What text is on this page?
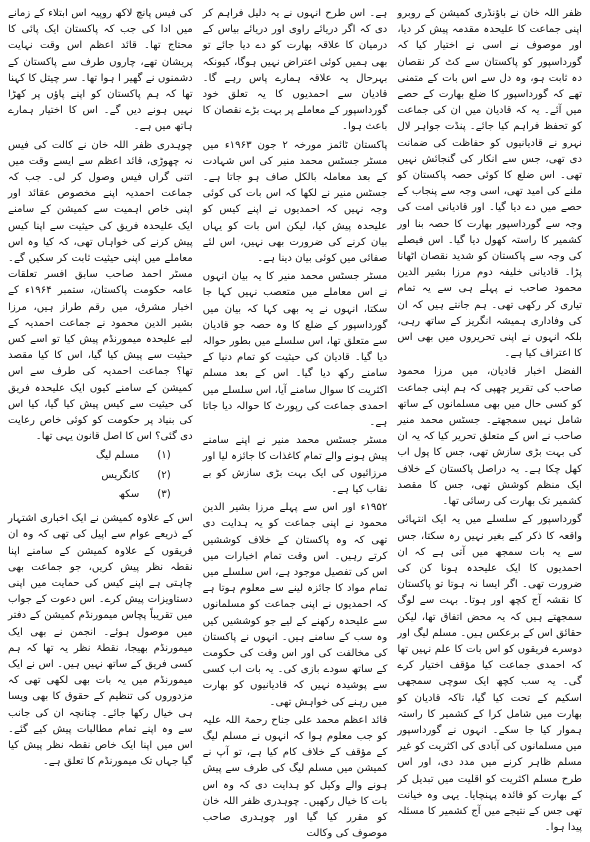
کی فیس پانچ لاکھ روپیہ اس ابتلاء کے زمانے میں ادا کی جب کہ پاکستان ایک پائی کا محتاج تھا۔ قائد اعظم اس وقت نہایت پریشان تھے، چاروں طرف سے پاکستان کے دشمنوں نے گھیر ا ہوا تھا۔ سر چیتل کا کہنا تھا کہ ہم پاکستان کو اپنے پاؤں پر کھڑا نہیں ہونے دیں گے۔ اس کا اختیار ہمارے ہاتھ میں ہے۔

چوہدری ظفر اللہ خان نے کالت کی فیس نہ چھوڑی، قائد اعظم سے ایسے وقت میں اتنی گراں فیس وصول کر لی۔ جب کہ جماعت احمدیہ اپنے مخصوص عقائد اور اپنی خاص اہمیت سے کمیشن کے سامنے ایک علیحدہ فریق کی حیثیت سے اپنا کیس پیش کرنے کی خواہاں تھی، کہ کیا وہ اس معاملے میں اپنی حیثیت ثابت کر سکیں گے۔ مسٹر احمد صاحب سابق افسر تعلقات عامہ حکومت پاکستان، ستمبر ۱۹۶۴ء کے اخبار مشرق، میں رقم طراز ہیں، مرزا بشیر الدین محمود نے جماعت احمدیہ کے لیے علیحدہ میمورنڈم پیش کیا تو اسے کس حیثیت سے پیش کیا گیا، اس کا کیا مقصد تھا؟ جماعت احمدیہ کی طرف سے اس کمیشن کے سامنے کیوں ایک علیحدہ فریق کی حیثیت سے کیس پیش کیا گیا، کیا اس کی بنیاد پر حکومت کو کوئی خاص رعایت دی گئی؟ اس کا اصل قانون یہی تھا۔

(۱)
مسلم لیگ
(۲)
کانگریس
(۳)
سکھ

اس کے علاوہ کمیشن نے ایک اخباری اشتہار کے ذریعے عوام سے اپیل کی تھی کہ وہ ان فریقوں کے علاوہ کمیشن کے سامنے اپنا نقطہ نظر پیش کریں، جو جماعت بھی چاہتی ہے اپنے کیس کی حمایت میں اپنی دستاویزات پیش کرے۔ اس دعوت کے جواب میں تقریباً پچاس میمورنڈم کمیشن کے دفتر میں موصول ہوئے۔ انجمن نے بھی ایک میمورنڈم بھیجا، نقطۂ نظر یہ تھا کہ ہم کسی فریق کے ساتھ نہیں ہیں۔ اس نے ایک میمورنڈم میں یہ بات بھی لکھی تھی کہ مزدوروں کی تنظیم کے حقوق کا بھی ویسا ہی خیال رکھا جائے۔ چنانچہ ان کی جانب سے وہ اپنے تمام مطالبات پیش کیے گئے۔ اس میں اپنا ایک خاص نقطہ نظر پیش کیا گیا جہاں تک میمورنڈم کا تعلق ہے۔

ہے۔ اس طرح انہوں نے یہ دلیل فراہم کر دی کہ اگر دریائے راوی اور دریائے بیاس کے درمیان کا علاقہ بھارت کو دے دیا جائے تو بھی ہمیں کوئی اعتراض نہیں ہوگا، کیونکہ بہرحال یہ علاقہ ہمارے پاس رہے گا۔ قادیان سے احمدیوں کا یہ تعلق خود گورداسپور کے معاملے پر بہت بڑے نقصان کا باعث ہوا۔

پاکستان ٹائمز مورخہ ۲ جون ۱۹۶۳ء میں مسٹر جسٹس محمد منیر کی اس شہادت کے بعد معاملہ بالکل صاف ہو جاتا ہے۔ جسٹس منیر نے لکھا کہ اس بات کی کوئی وجہ نہیں کہ احمدیوں نے اپنے کیس کو علیحدہ پیش کیا، لیکن اس بات کو یہاں بیان کرنے کی ضرورت بھی نہیں، اس لئے صفائی میں کوئی بیان دینا ہے۔

مسٹر جسٹس محمد منیر کا یہ بیان انہوں نے اس معاملے میں متعصب نہیں کہا جا سکتا، انہوں نے یہ بھی کہا کہ بیان میں گورداسپور کے ضلع کا وہ حصہ جو قادیان سے متعلق تھا، اس سلسلے میں بطور حوالہ دیا گیا۔ قادیان کی حیثیت کو تمام دنیا کے سامنے رکھ دیا گیا۔ اس کے بعد مسلم اکثریت کا سوال سامنے آیا، اس سلسلے میں احمدی جماعت کی رپورٹ کا حوالہ دیا جاتا ہے۔

مسٹر جسٹس محمد منیر نے اپنے سامنے پیش ہونے والے تمام کاغذات کا جائزہ لیا اور مرزائیوں کی ایک بہت بڑی سازش کو بے نقاب کیا ہے۔

۱۹۵۲ء اور اس سے پہلے مرزا بشیر الدین محمود نے اپنی جماعت کو یہ ہدایت دی تھی کہ وہ پاکستان کے خلاف کوششیں کرتے رہیں۔ اس وقت تمام اخبارات میں اس کی تفصیل موجود ہے، اس سلسلے میں تمام مواد کا جائزہ لینے سے معلوم ہوتا ہے کہ احمدیوں نے اپنی جماعت کو مسلمانوں سے علیحدہ رکھنے کے لیے جو کوششیں کیں وہ سب کے سامنے ہیں۔ انہوں نے پاکستان کی مخالفت کی اور اس وقت کی حکومت کے ساتھ سودے بازی کی۔ یہ بات اب کسی سے پوشیدہ نہیں کہ قادیانیوں کو بھارت میں رہنے کی خواہش تھی۔

قائد اعظم محمد علی جناح رحمۃ اللہ علیہ کو جب معلوم ہوا کہ انہوں نے مسلم لیگ کے مؤقف کے خلاف کام کیا ہے، تو آپ نے کمیشن میں مسلم لیگ کی طرف سے پیش ہونے والے وکیل کو ہدایت دی کہ وہ اس بات کا خیال رکھیں۔ چوہدری ظفر اللہ خان کو مقرر کیا گیا اور چوہدری صاحب موصوف کی وکالت

ظفر اللہ خان نے باؤنڈری کمیشن کے روبرو اپنی جماعت کا علیحدہ مقدمہ پیش کر دیا، اور موصوف نے اسی نے اختیار کیا کہ گورداسپور کو پاکستان سے کٹ کر نقصان دہ ثابت ہو، وہ دل سے اس بات کے متمنی تھے کہ گورداسپور کا ضلع بھارت کے حصے میں آئے۔ یہ کہ قادیان میں ان کی جماعت کو تحفظ فراہم کیا جائے۔ پنڈت جواہر لال نہرو نے قادیانیوں کو حفاظت کی ضمانت دی تھی، جس سے انکار کی گنجائش نہیں تھی۔ اس ضلع کا کوئی حصہ پاکستان کو ملنے کی امید تھی، اسی وجہ سے پنجاب کے حصے میں دے دیا گیا۔ اور قادیانی امت کی وجہ سے گورداسپور بھارت کا حصہ بنا اور کشمیر کا راستہ کھول دیا گیا۔ اس فیصلے کی وجہ سے پاکستان کو شدید نقصان اٹھانا پڑا۔ قادیانی خلیفہ دوم مرزا بشیر الدین محمود صاحب نے پہلے ہی سے یہ تمام تیاری کر رکھی تھی۔ ہم جانتے ہیں کہ ان کی وفاداری ہمیشہ انگریز کے ساتھ رہی، بلکہ انہوں نے اپنی تحریروں میں بھی اس کا اعتراف کیا ہے۔

الفضل اخبار قادیان، میں مرزا محمود صاحب کی تقریر چھپی کہ ہم اپنی جماعت کو کسی حال میں بھی مسلمانوں کے ساتھ شامل نہیں سمجھتے۔ جسٹس محمد منیر صاحب نے اس کے متعلق تحریر کیا کہ یہ ان کی بہت بڑی سازش تھی، جس کا پول اب کھل چکا ہے۔ یہ دراصل پاکستان کے خلاف ایک منظم کوشش تھی، جس کا مقصد کشمیر تک بھارت کی رسائی تھا۔

گورداسپور کے سلسلے میں یہ ایک انتہائی واقعہ کا ذکر کیے بغیر نہیں رہ سکتا، جس سے یہ بات سمجھ میں آتی ہے کہ ان احمدیوں کا ایک علیحدہ ہونا کن کی ضرورت تھی۔ اگر ایسا نہ ہوتا تو پاکستان کا نقشہ آج کچھ اور ہوتا۔ بہت سے لوگ سمجھتے ہیں کہ یہ محض اتفاق تھا، لیکن حقائق اس کے برعکس ہیں۔ مسلم لیگ اور دوسرے فریقوں کو اس بات کا علم نہیں تھا کہ احمدی جماعت کیا مؤقف اختیار کرے گی۔ یہ سب کچھ ایک سوچی سمجھی اسکیم کے تحت کیا گیا، تاکہ قادیان کو بھارت میں شامل کرا کے کشمیر کا راستہ ہموار کیا جا سکے۔ انہوں نے گورداسپور میں مسلمانوں کی آبادی کی اکثریت کو غیر مسلم ظاہر کرنے میں مدد دی، اور اس طرح مسلم اکثریت کو اقلیت میں تبدیل کر کے بھارت کو فائدہ پہنچایا۔ یہی وہ خیانت تھی جس کے نتیجے میں آج کشمیر کا مسئلہ پیدا ہوا۔
